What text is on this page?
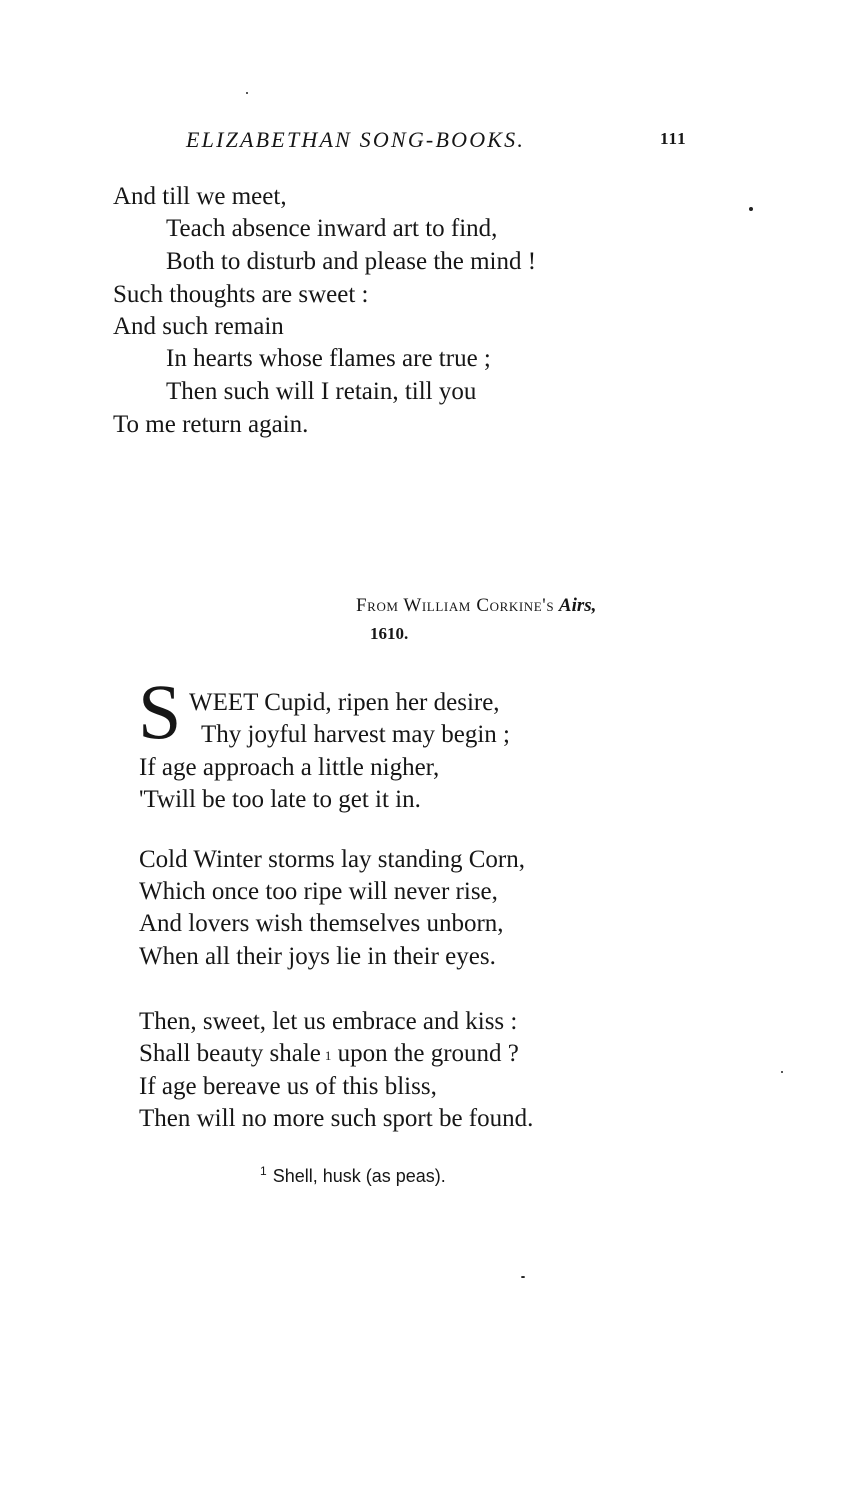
ELIZABETHAN SONG-BOOKS.	111
And till we meet,
Teach absence inward art to find,
Both to disturb and please the mind !
Such thoughts are sweet :
And such remain
In hearts whose flames are true ;
Then such will I retain, till you
To me return again.
From William Corkine's Airs,
1610.
S WEET Cupid, ripen her desire,
Thy joyful harvest may begin ;
If age approach a little nigher,
'Twill be too late to get it in.
Cold Winter storms lay standing Corn,
Which once too ripe will never rise,
And lovers wish themselves unborn,
When all their joys lie in their eyes.
Then, sweet, let us embrace and kiss :
Shall beauty shale $^1$ upon the ground ?
If age bereave us of this bliss,
Then will no more such sport be found.
$^1$ Shell, husk (as peas).
